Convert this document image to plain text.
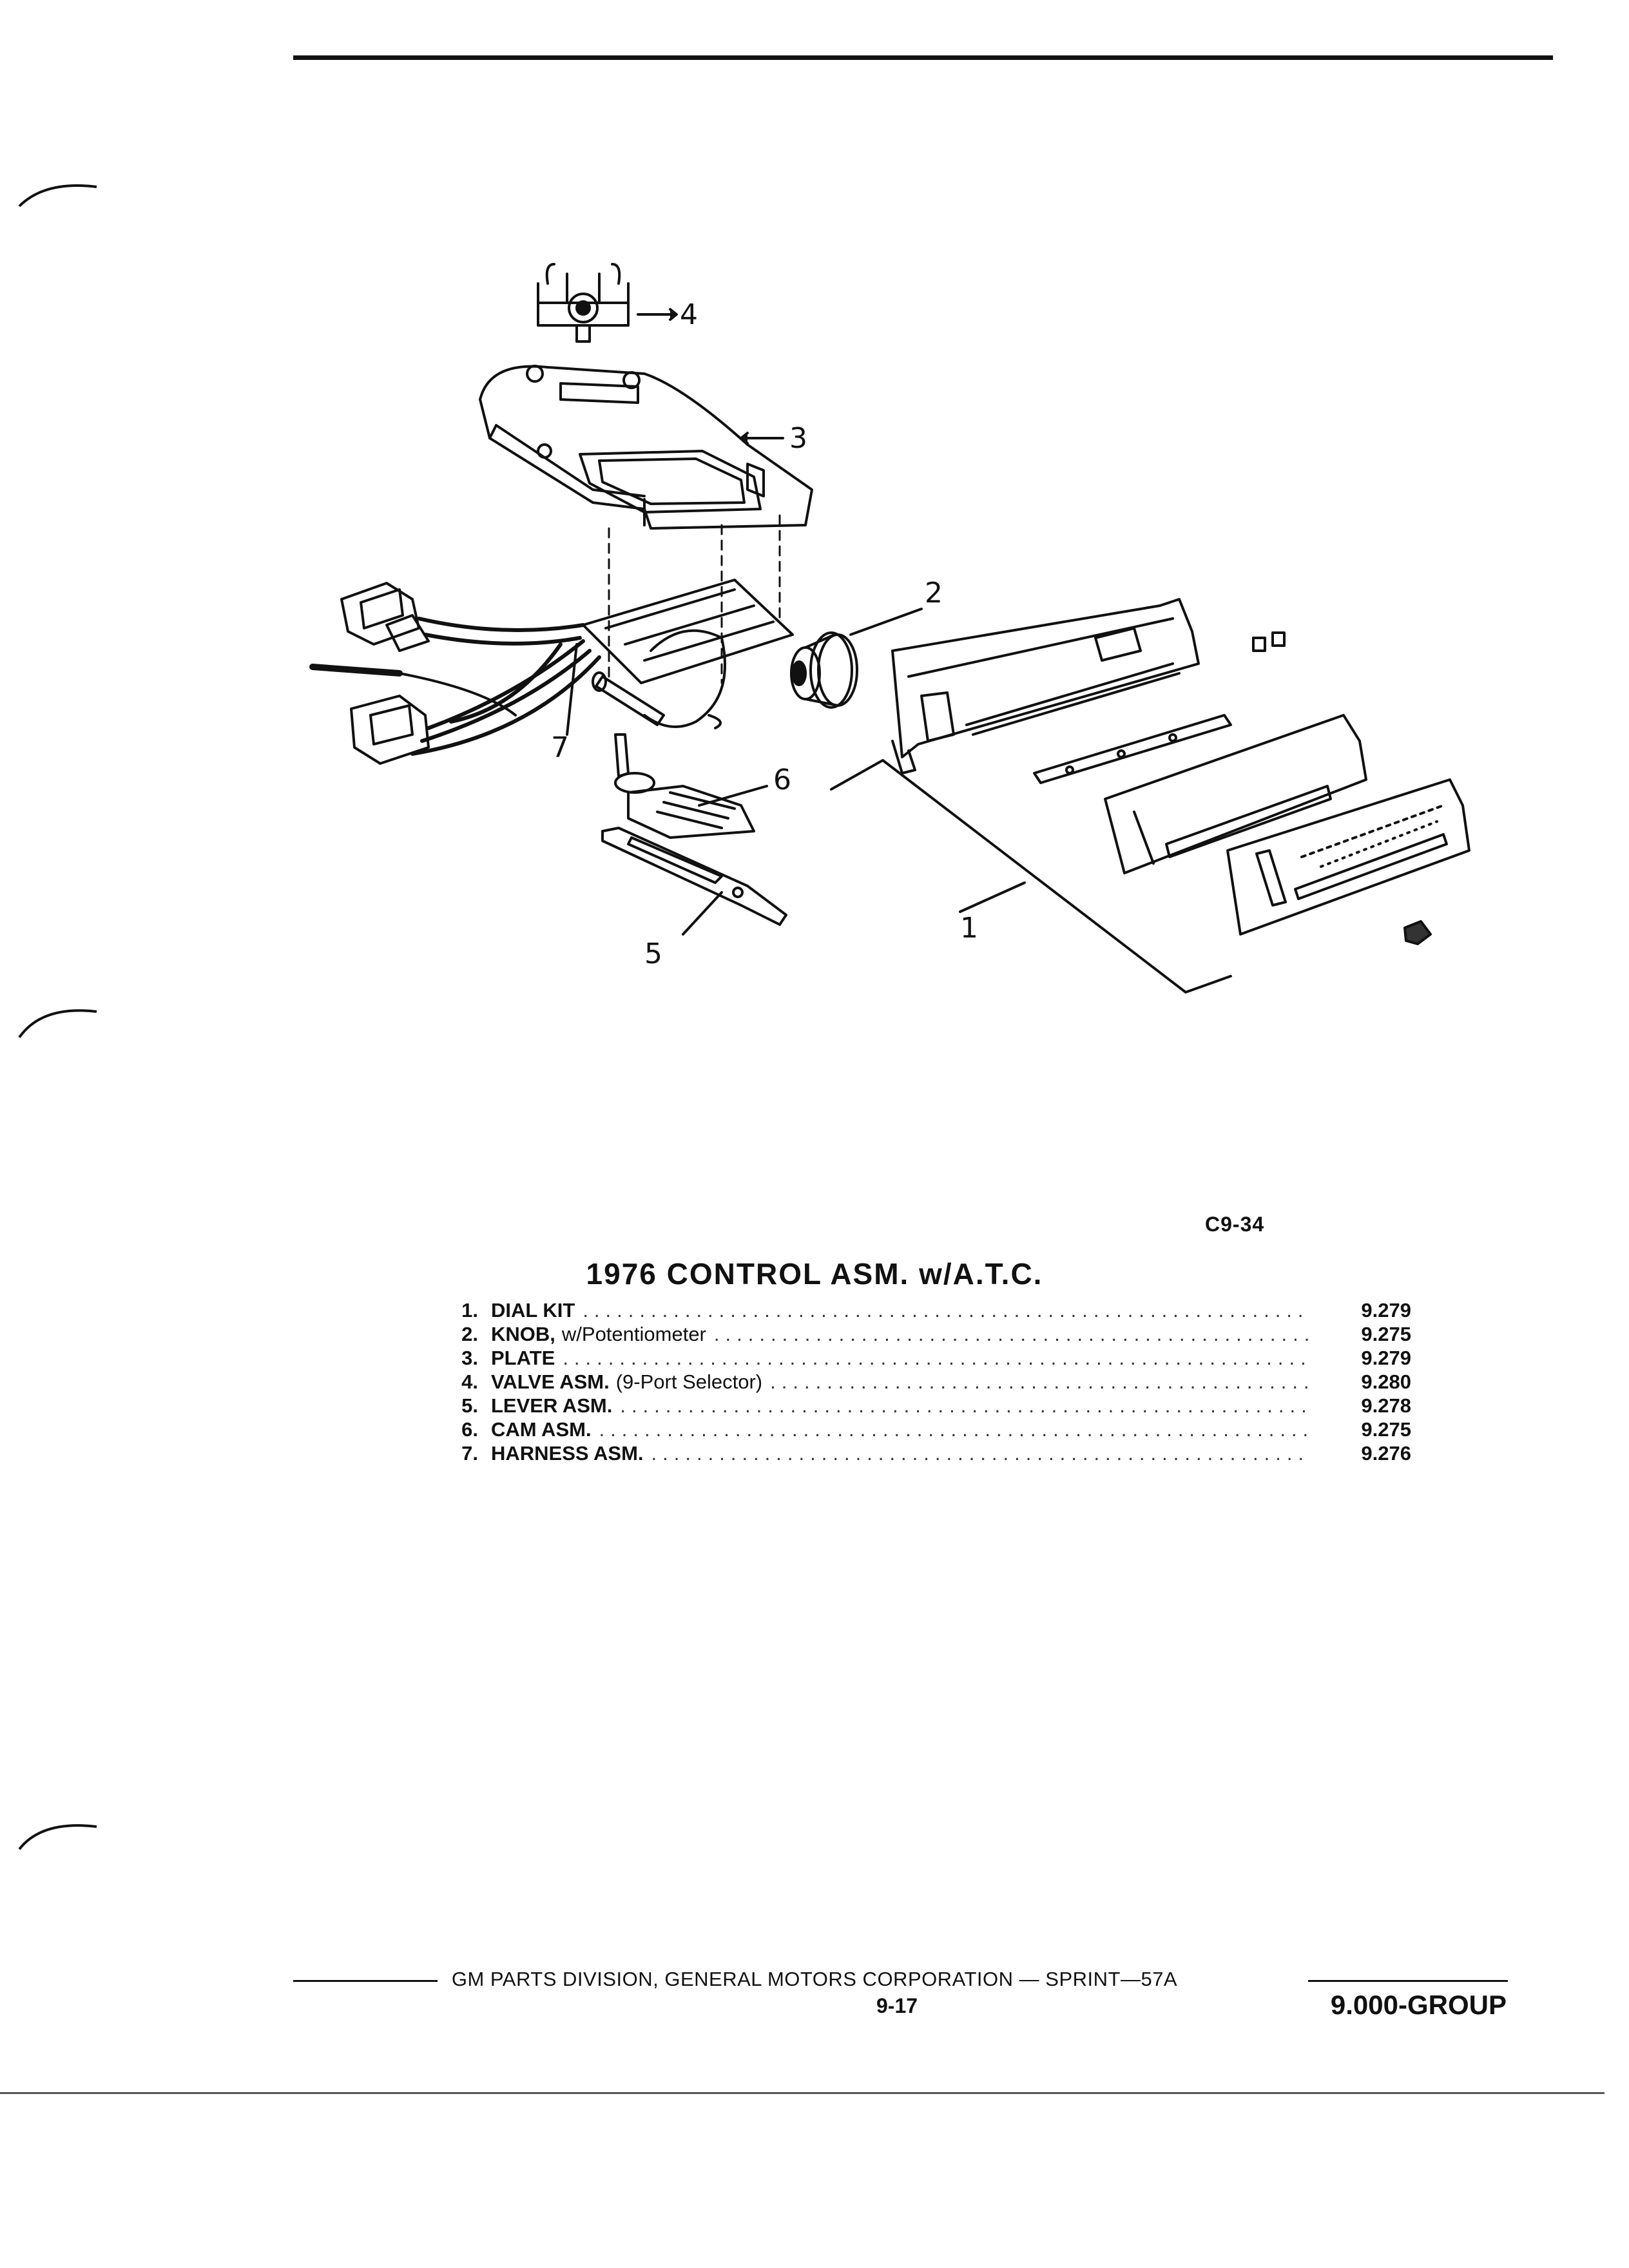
4
3
2
7
6
5
1
C9-34
1976 CONTROL ASM. w/A.T.C.
1. DIAL KIT .....	9.279
2. KNOB, w/Potentiometer .....	9.275
3. PLATE .....	9.279
4. VALVE ASM. (9-Port Selector) .....	9.280
5. LEVER ASM. .....	9.278
6. CAM ASM. .....	9.275
7. HARNESS ASM. .....	9.276
GM PARTS DIVISION, GENERAL MOTORS CORPORATION — SPRINT—57A
9-17	9.000-GROUP
